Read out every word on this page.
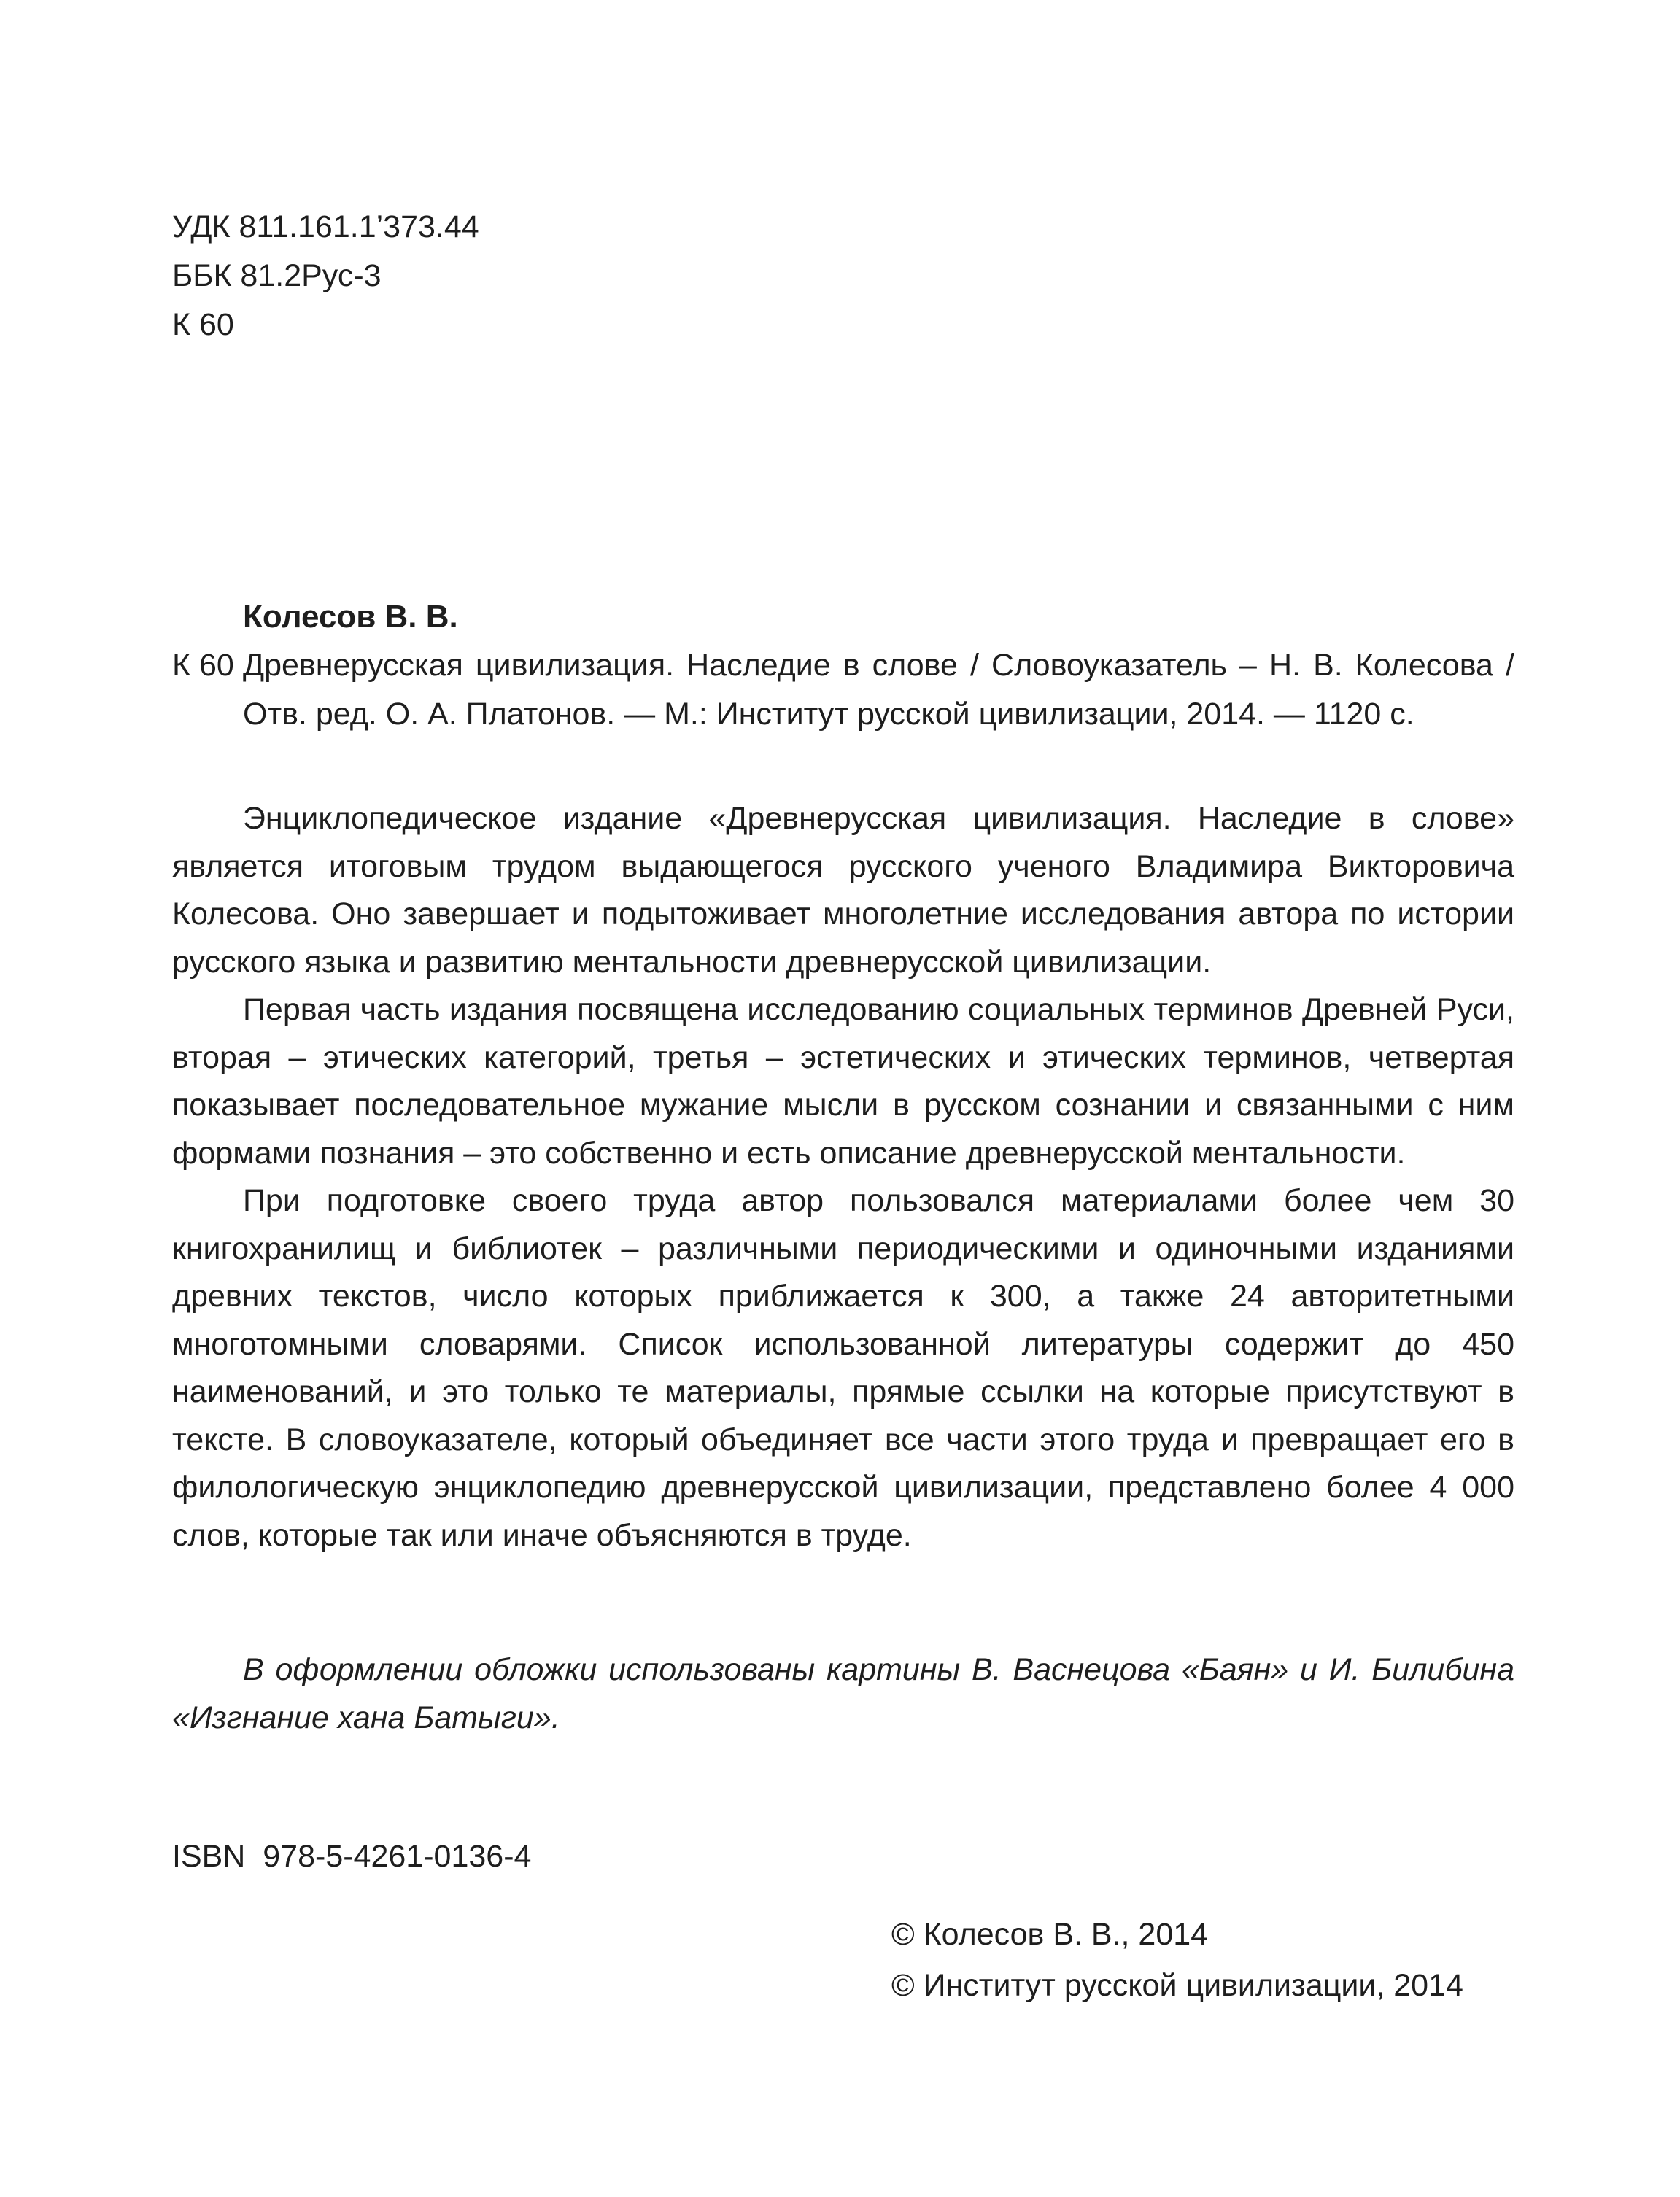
УДК 811.161.1’373.44
ББК 81.2Рус-3
К 60
Колесов В. В.
К 60 Древнерусская цивилизация. Наследие в слове / Словоуказатель – Н. В. Колесова / Отв. ред. О. А. Платонов. — М.: Институт русской цивилизации, 2014. — 1120 с.

Энциклопедическое издание «Древнерусская цивилизация. Наследие в слове» является итоговым трудом выдающегося русского ученого Владимира Викторовича Колесова. Оно завершает и подытоживает многолетние исследования автора по истории русского языка и развитию ментальности древнерусской цивилизации.

Первая часть издания посвящена исследованию социальных терминов Древней Руси, вторая – этических категорий, третья – эстетических и этических терминов, четвертая показывает последовательное мужание мысли в русском сознании и связанными с ним формами познания – это собственно и есть описание древнерусской ментальности.

При подготовке своего труда автор пользовался материалами более чем 30 книгохранилищ и библиотек – различными периодическими и одиночными изданиями древних текстов, число которых приближается к 300, а также 24 авторитетными многотомными словарями. Список использованной литературы содержит до 450 наименований, и это только те материалы, прямые ссылки на которые присутствуют в тексте. В словоуказателе, который объединяет все части этого труда и превращает его в филологическую энциклопедию древнерусской цивилизации, представлено более 4 000 слов, которые так или иначе объясняются в труде.

В оформлении обложки использованы картины В. Васнецова «Баян» и И. Билибина «Изгнание хана Батыги».

ISBN  978-5-4261-0136-4
© Колесов В. В., 2014
© Институт русской цивилизации, 2014
